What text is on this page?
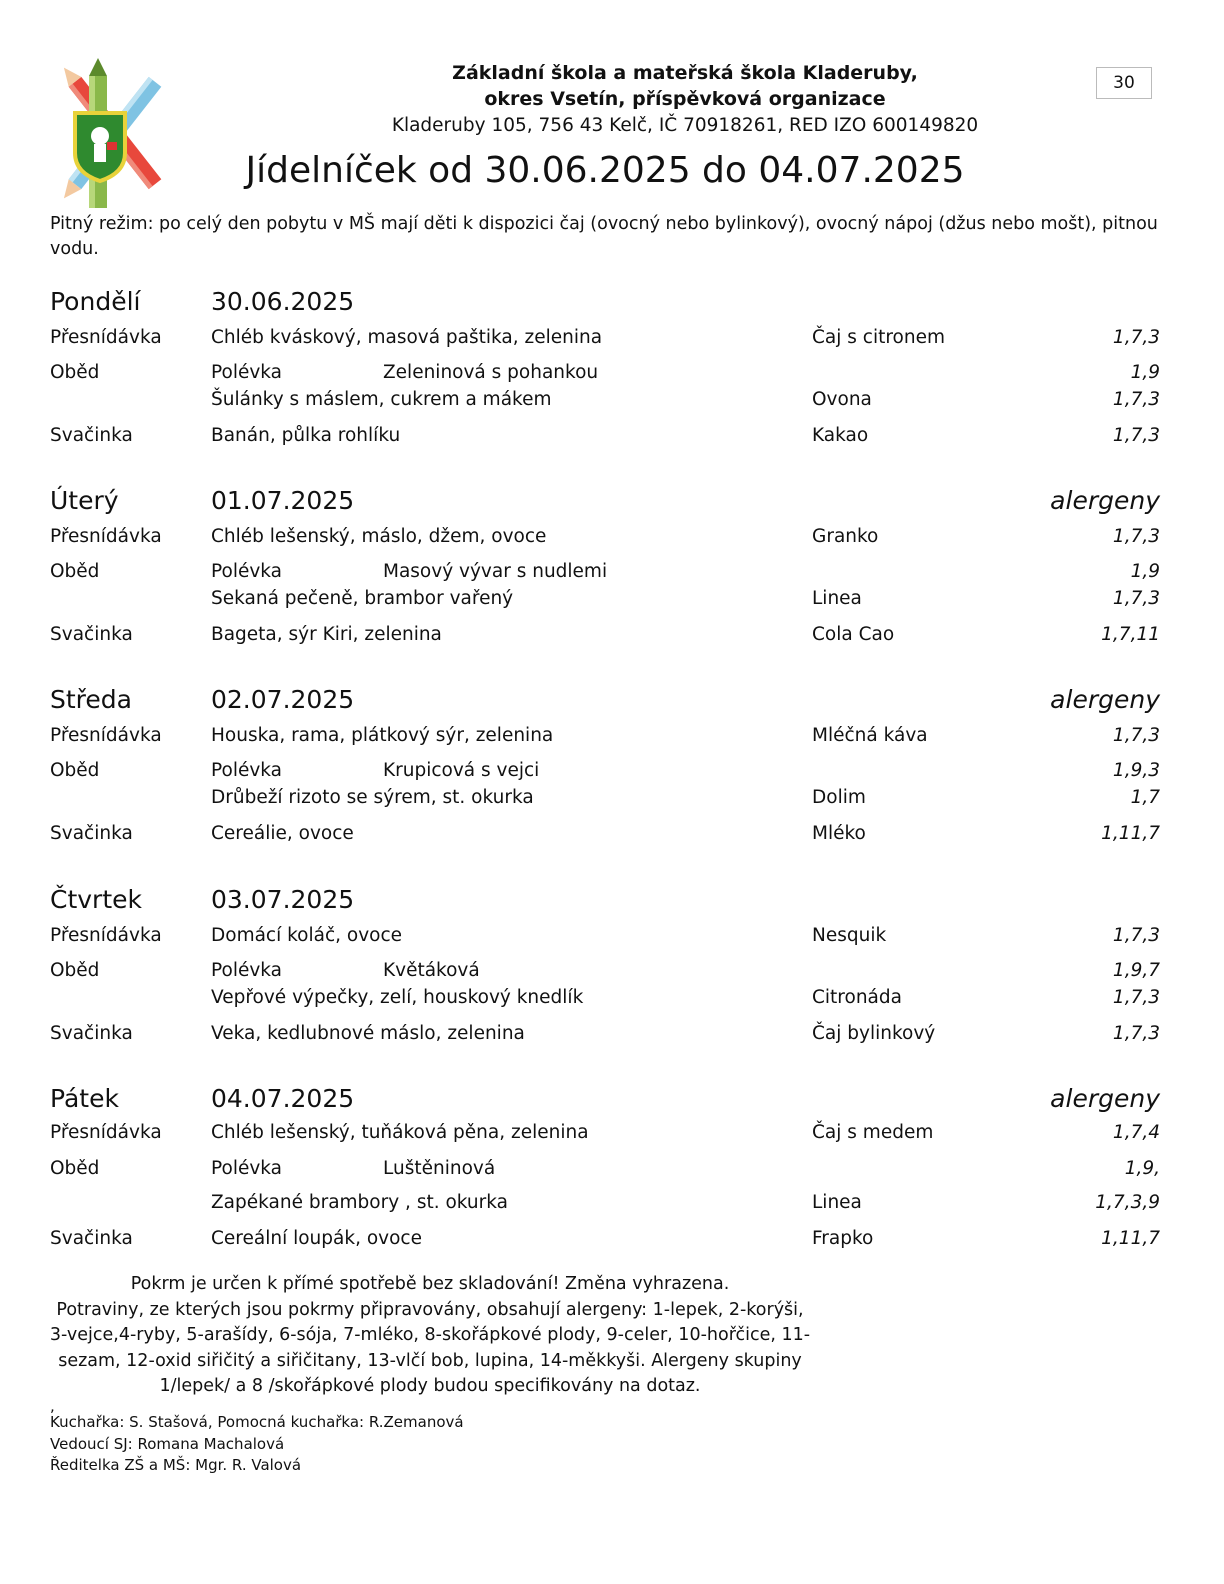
Základní škola a mateřská škola Kladeruby,
okres Vsetín, příspěvková organizace
Kladeruby 105, 756 43 Kelč, IČ 70918261, RED IZO 600149820
30
Jídelníček od 30.06.2025 do 04.07.2025
Pitný režim: po celý den pobytu v MŠ mají děti k dispozici čaj (ovocný nebo bylinkový), ovocný nápoj (džus nebo mošt), pitnou vodu.
Pondělí	30.06.2025
Přesnídávka	Chléb kváskový, masová paštika, zelenina	Čaj s citronem	1,7,3
Oběd	Polévka	Zeleninová s pohankou	1,9
Šulánky s máslem, cukrem a mákem	Ovona	1,7,3
Svačinka	Banán, půlka rohlíku	Kakao	1,7,3
Úterý	01.07.2025	alergeny
Přesnídávka	Chléb lešenský, máslo, džem, ovoce	Granko	1,7,3
Oběd	Polévka	Masový vývar s nudlemi	1,9
Sekaná pečeně, brambor vařený	Linea	1,7,3
Svačinka	Bageta, sýr Kiri, zelenina	Cola Cao	1,7,11
Středa	02.07.2025	alergeny
Přesnídávka	Houska, rama, plátkový sýr, zelenina	Mléčná káva	1,7,3
Oběd	Polévka	Krupicová s vejci	1,9,3
Drůbeží rizoto se sýrem, st. okurka	Dolim	1,7
Svačinka	Cereálie, ovoce	Mléko	1,11,7
Čtvrtek	03.07.2025
Přesnídávka	Domácí koláč, ovoce	Nesquik	1,7,3
Oběd	Polévka	Květáková	1,9,7
Vepřové výpečky, zelí, houskový knedlík	Citronáda	1,7,3
Svačinka	Veka, kedlubnové máslo, zelenina	Čaj bylinkový	1,7,3
Pátek	04.07.2025	alergeny
Přesnídávka	Chléb lešenský, tuňáková pěna, zelenina	Čaj s medem	1,7,4
Oběd	Polévka	Luštěninová	1,9,
Zapékané brambory , st. okurka	Linea	1,7,3,9
Svačinka	Cereální loupák, ovoce	Frapko	1,11,7
Pokrm je určen k přímé spotřebě bez skladování! Změna vyhrazena.
Potraviny, ze kterých jsou pokrmy připravovány, obsahují alergeny: 1-lepek, 2-korýši,
3-vejce,4-ryby, 5-arašídy, 6-sója, 7-mléko, 8-skořápkové plody, 9-celer, 10-hořčice, 11-
sezam, 12-oxid siřičitý a siřičitany, 13-vlčí bob, lupina, 14-měkkyši. Alergeny skupiny
1/lepek/ a 8 /skořápkové plody budou specifikovány na dotaz.
,
Kuchařka: S. Stašová, Pomocná kuchařka: R.Zemanová
Vedoucí SJ: Romana Machalová
Ředitelka ZŠ a MŠ: Mgr. R. Valová
